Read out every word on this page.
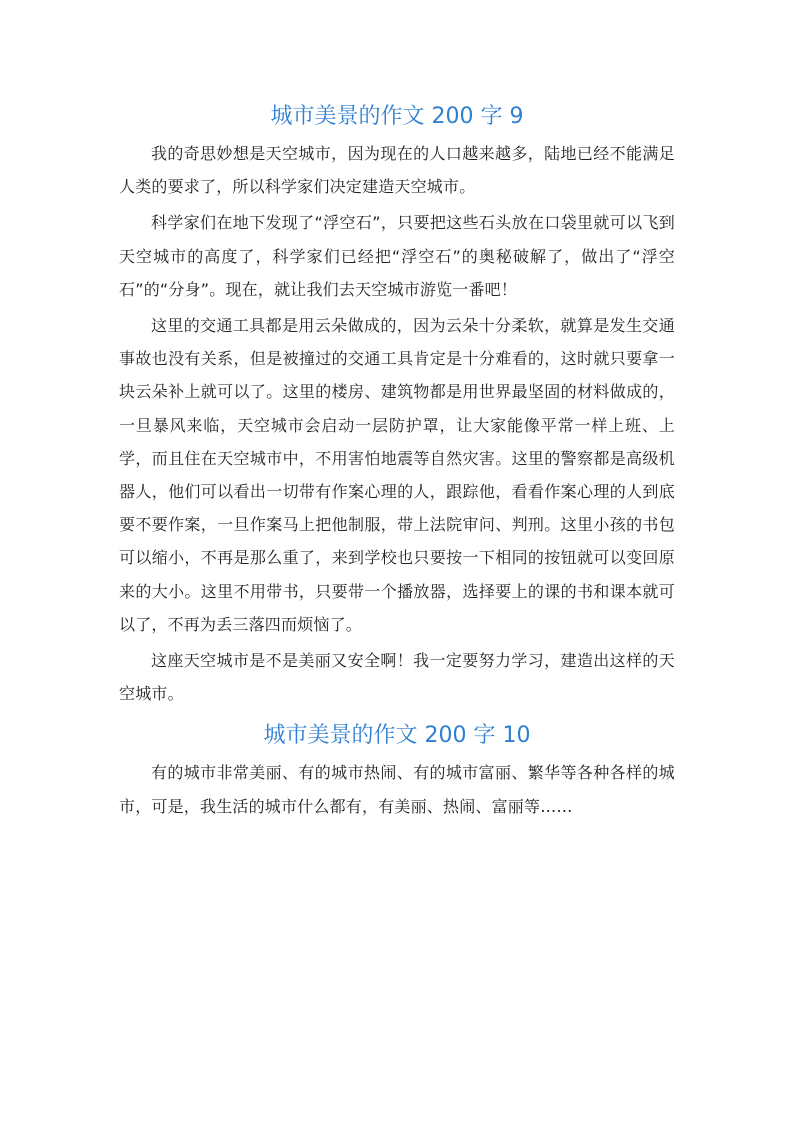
城市美景的作文 200 字 9

我的奇思妙想是天空城市，因为现在的人口越来越多，陆地已经不能满足人类的要求了，所以科学家们决定建造天空城市。

科学家们在地下发现了“浮空石”，只要把这些石头放在口袋里就可以飞到天空城市的高度了，科学家们已经把“浮空石”的奥秘破解了，做出了“浮空石”的“分身”。现在，就让我们去天空城市游览一番吧！

这里的交通工具都是用云朵做成的，因为云朵十分柔软，就算是发生交通事故也没有关系，但是被撞过的交通工具肯定是十分难看的，这时就只要拿一块云朵补上就可以了。这里的楼房、建筑物都是用世界最坚固的材料做成的，一旦暴风来临，天空城市会启动一层防护罩，让大家能像平常一样上班、上学，而且住在天空城市中，不用害怕地震等自然灾害。这里的警察都是高级机器人，他们可以看出一切带有作案心理的人，跟踪他，看看作案心理的人到底要不要作案，一旦作案马上把他制服，带上法院审问、判刑。这里小孩的书包可以缩小，不再是那么重了，来到学校也只要按一下相同的按钮就可以变回原来的大小。这里不用带书，只要带一个播放器，选择要上的课的书和课本就可以了，不再为丢三落四而烦恼了。

这座天空城市是不是美丽又安全啊！我一定要努力学习，建造出这样的天空城市。

城市美景的作文 200 字 10

有的城市非常美丽、有的城市热闹、有的城市富丽、繁华等各种各样的城市，可是，我生活的城市什么都有，有美丽、热闹、富丽等……
